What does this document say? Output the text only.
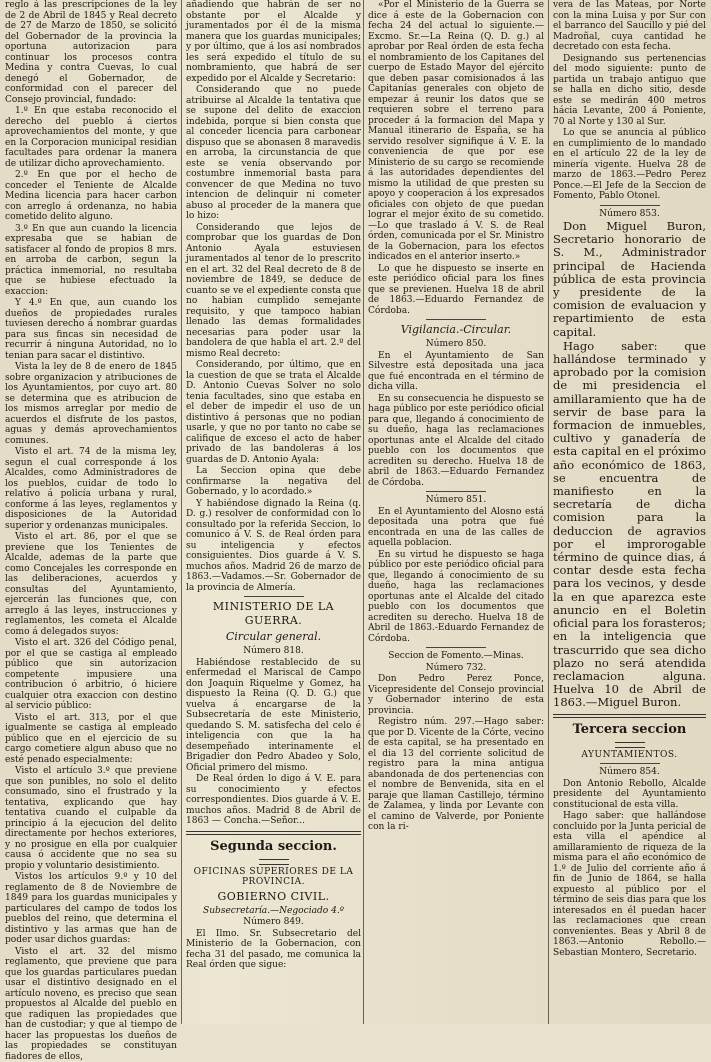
reglo á las prescripciones de la ley de 2 de Abril de 1845 y Real decreto de 27 de Marzo de 1850, se solicitó del Gobernador de la provincia la oportuna autorizacion para continuar los procesos contra Medina y contra Cuevas, lo cual denegó el Gobernador, de conformidad con el parecer del Consejo provincial, fundado:

1.º En que estaba reconocido el derecho del pueblo á ciertos aprovechamientos del monte, y que en la Corporacion municipal residian facultades para ordenar la manera de utilizar dicho aprovechamiento.

2.º En que por el hecho de conceder el Teniente de Alcalde Medina licencia para hacer carbon con arreglo á ordenanza, no habia cometido delito alguno.

3.º En que aun cuando la licencia expresaba que se habian de satisfacer al fondo de propios 8 mrs. en arroba de carbon, segun la práctica inmemorial, no resultaba que se hubiese efectuado la exaccion:

Y 4.º En que, aun cuando los dueños de propiedades rurales tuviesen derecho á nombrar guardas para sus fincas sin necesidad de recurrir á ninguna Autoridad, no lo tenian para sacar el distintivo.

Vista la ley de 8 de enero de 1845 sobre organizacion y atribuciones de los Ayuntamientos, por cuyo art. 80 se determina que es atribucion de los mismos arreglar por medio de acuerdos el disfrute de los pastos, aguas y demás aprovechamientos comunes.

Visto el art. 74 de la misma ley, segun el cual corresponde á los Alcaldes, como Administradores de los pueblos, cuidar de todo lo relativo á policía urbana y rural, conforme á las leyes, reglamentos y disposiciones de la Autoridad superior y ordenanzas municipales.

Visto el art. 86, por el que se previene que los Tenientes de Alcalde, ademas de la parte que como Concejales les corresponde en las deliberaciones, acuerdos y consultas del Ayuntamiento, ejercerán las funciones que, con arreglo á las leyes, instrucciones y reglamentos, les cometa el Alcalde como á delegados suyos:

Visto el art. 326 del Código penal, por el que se castiga al empleado público que sin autorizacion competente impusiere una contribucion ó arbitrio, ó hiciere cualquier otra exaccion con destino al servicio público:

Visto el art. 313, por el que igualmente se castiga al empleado público que en el ejercicio de su cargo cometiere algun abuso que no esté penado especialmente:

Visto el artículo 3.º que previene que son punibles, no solo el delito consumado, sino el frustrado y la tentativa, explicando que hay tentativa cuando el culpable da principio á la ejecucion del delito directamente por hechos exteriores, y no prosigue en ella por cualquier causa ó accidente que no sea su propio y voluntario desistimiento.

Vistos los artículos 9.º y 10 del reglamento de 8 de Noviembre de 1849 para los guardas municipales y particulares del campo de todos los pueblos del reino, que determina el distintivo y las armas que han de poder usar dichos guardas:

Visto el art. 32 del mismo reglamento, que previene que para que los guardas particulares puedan usar el distintivo designado en el artículo noveno, es preciso que sean propuestos al Alcalde del pueblo en que radiquen las propiedades que han de custodiar; y que al tiempo de hacer las propuestas los dueños de las propiedades se constituyan fiadores de ellos,

añadiendo que habrán de ser no obstante por el Alcalde y juramentados por él de la misma manera que los guardas municipales; y por último, que á los así nombrados les será expedido el título de su nombramiento, que habrá de ser expedido por el Alcalde y Secretario:

Considerando que no puede atribuirse al Alcalde la tentativa que se supone del delito de exaccion indebida, porque si bien consta que al conceder licencia para carbonear dispuso que se abonasen 8 maravedis en arroba, la circunstancia de que este se venía observando por costumbre inmemorial basta para convencer de que Medina no tuvo intencion de delinquir ni cometer abuso al proceder de la manera que lo hizo:

Considerando que lejos de comprobar que los guardas de Don Antonio Ayala estuviesen juramentados al tenor de lo prescrito en el art. 32 del Real decreto de 8 de noviembre de 1849, se deduce de cuanto se ve el expediente consta que no habian cumplido semejante requisito, y que tampoco habian llenado las demas formalidades necesarias para poder usar la bandolera de que habla el art. 2.º del mismo Real decreto:

Considerando, por último, que en la cuestion de que se trata el Alcalde D. Antonio Cuevas Solver no solo tenia facultades, sino que estaba en el deber de impedir el uso de un distintivo á personas que no podian usarle, y que no por tanto no cabe se califique de exceso el acto de haber privado de las bandoleras á los guardas de D. Antonio Ayala:

La Seccion opina que debe confirmarse la negativa del Gobernado, y lo acordado.»

Y habiéndose dignado la Reina (q. D. g.) resolver de conformidad con lo consultado por la referida Seccion, lo comunico á V. S. de Real órden para su inteligencia y efectos consiguientes. Dios guarde á V. S. muchos años. Madrid 26 de marzo de 1863.—Vadamos.—Sr. Gobernador de la provincia de Almería.

MINISTERIO DE LA GUERRA.

Circular general.

Número 818.

Habiéndose restablecido de su enfermedad el Mariscal de Campo don Joaquin Riquelme y Gomez, ha dispuesto la Reina (Q. D. G.) que vuelva á encargarse de la Subsecretaría de este Ministerio, quedando S. M. satisfecha del celo é inteligencia con que la ha desempeñado interinamente el Brigadier don Pedro Abadeo y Solo, Oficial primero del mismo.

De Real órden lo digo á V. E. para su conocimiento y efectos correspondientes. Dios guarde á V. E. muchos años. Madrid 8 de Abril de 1863 — Concha.—Señor...

Segunda seccion.

OFICINAS SUPERIORES DE LA PROVINCIA.

GOBIERNO CIVIL.

Subsecretaría.—Negociado 4.º

Número 849.

El Ilmo. Sr. Subsecretario del Ministerio de la Gobernacion, con fecha 31 del pasado, me comunica la Real órden que sigue:

«Por el Ministerio de la Guerra se dice á este de la Gobernacion con fecha 24 del actual lo siguiente.—Excmo. Sr.—La Reina (Q. D. g.) al aprobar por Real órden de esta fecha el nombramiento de los Capitanes del cuerpo de Estado Mayor del ejército que deben pasar comisionados á las Capitanías generales con objeto de empezar á reunir los datos que se requieren sobre el terreno para proceder á la formacion del Mapa y Manual itinerario de España, se ha servido resolver signifique á V. E. la conveniencia de que por ese Ministerio de su cargo se recomiende á las autoridades dependientes del mismo la utilidad de que presten su apoyo y cooperacion á los expresados oficiales con objeto de que puedan lograr el mejor éxito de su cometido.—Lo que traslado á V. S. de Real órden, comunicada por el Sr. Ministro de la Gobernacion, para los efectos indicados en el anterior inserto.»

Lo que he dispuesto se inserte en este periódico oficial para los fines que se previenen. Huelva 18 de abril de 1863.—Eduardo Fernandez de Córdoba.

Vigilancia.-Circular.

Número 850.

En el Ayuntamiento de San Silvestre está depositada una jaca que fué encontrada en el término de dicha villa.

En su consecuencia he dispuesto se haga público por este periódico oficial para que, llegando á conocimiento de su dueño, haga las reclamaciones oportunas ante el Alcalde del citado pueblo con los documentos que acrediten su derecho. Huelva 18 de abril de 1863.—Eduardo Fernandez de Córdoba.

Número 851.

En el Ayuntamiento del Alosno está depositada una potra que fué encontrada en una de las calles de aquella poblacion.

En su virtud he dispuesto se haga público por este periódico oficial para que, llegando á conocimiento de su dueño, haga las reclamaciones oportunas ante el Alcalde del citado pueblo con los documentos que acrediten su derecho. Huelva 18 de Abril de 1863.-Eduardo Fernandez de Córdoba.

Seccion de Fomento.—Minas.

Número 732.

Don Pedro Perez Ponce, Vicepresidente del Consejo provincial y Gobernador interino de esta provincia.

Registro núm. 297.—Hago saber: que por D. Vicente de la Córte, vecino de esta capital, se ha presentado en el dia 13 del corriente solicitud de registro para la mina antigua abandonada de dos pertenencias con el nombre de Benvenida, sita en el paraje que llaman Castillejo, término de Zalamea, y linda por Levante con el camino de Valverde, por Poniente con la ri-

vera de las Mateas, por Norte con la mina Luisa y por Sur con el barranco del Saucillo y pié del Madroñal, cuya cantidad he decretado con esta fecha.

Designando sus pertenencias del modo siguiente: punto de partida un trabajo antiguo que se halla en dicho sitio, desde este se medirán 400 metros hácia Levante, 200 á Poniente, 70 al Norte y 130 al Sur.

Lo que se anuncia al público en cumplimiento de lo mandado en el artículo 22 de la ley de minería vigente. Huelva 28 de marzo de 1863.—Pedro Perez Ponce.—El Jefe de la Seccion de Fomento, Pablo Otonel.

Número 853.

Don Miguel Buron, Secretario honorario de S. M., Administrador principal de Hacienda pública de esta provincia y presidente de la comision de evaluacion y repartimiento de esta capital.

Hago saber: que hallándose terminado y aprobado por la comision de mi presidencia el amillaramiento que ha de servir de base para la formacion de inmuebles, cultivo y ganadería de esta capital en el próximo año económico de 1863, se encuentra de manifiesto en la secretaría de dicha comision para la deduccion de agravios por el improrogable término de quince dias, á contar desde esta fecha para los vecinos, y desde la en que aparezca este anuncio en el Boletin oficial para los forasteros; en la inteligencia que trascurrido que sea dicho plazo no será atendida reclamacion alguna. Huelva 10 de Abril de 1863.—Miguel Buron.

Tercera seccion

AYUNTAMIENTOS.

Número 854.

Don Antonio Rebollo, Alcalde presidente del Ayuntamiento constitucional de esta villa.

Hago saber: que hallándose concluido por la Junta pericial de esta villa el apéndice al amillaramiento de riqueza de la misma para el año económico de 1.º de Julio del corriente año á fin de Junio de 1864, se halla expuesto al público por el término de seis dias para que los interesados en él puedan hacer las reclamaciones que crean convenientes. Beas y Abril 8 de 1863.—Antonio Rebollo.—Sebastian Montero, Secretario.
